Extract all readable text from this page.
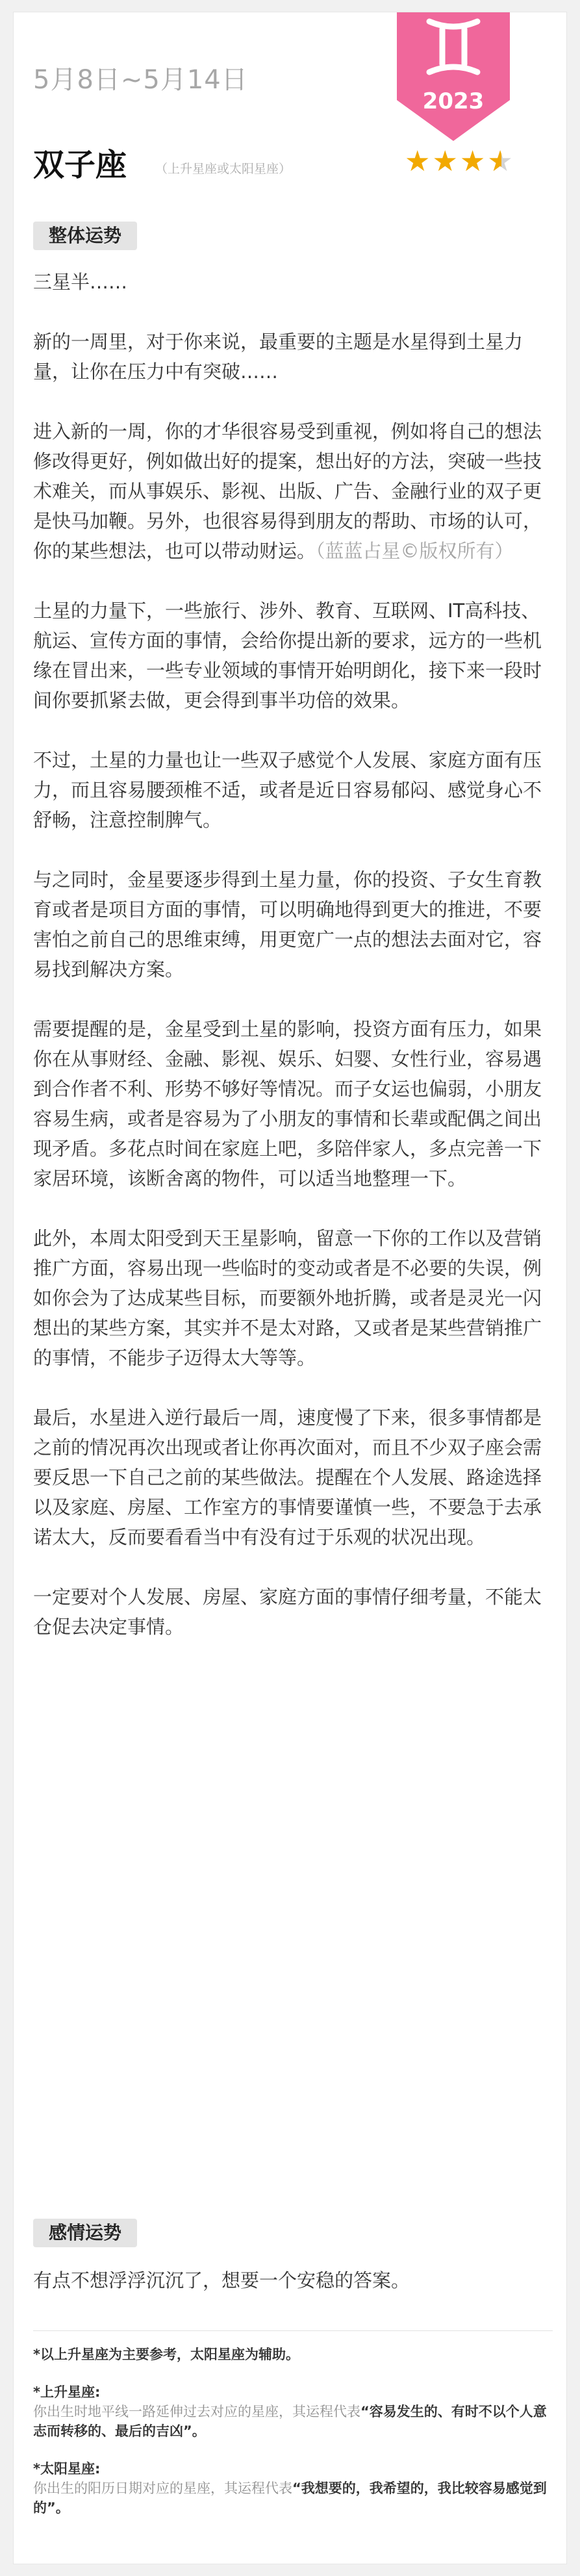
5月8日~5月14日
2023
双子座 （上升星座或太阳星座）	★★★★ ★
整体运势

三星半……

新的一周里，对于你来说，最重要的主题是水星得到土星力量，让你在压力中有突破……

进入新的一周，你的才华很容易受到重视，例如将自己的想法修改得更好，例如做出好的提案，想出好的方法，突破一些技术难关，而从事娱乐、影视、出版、广告、金融行业的双子更是快马加鞭。另外，也很容易得到朋友的帮助、市场的认可，你的某些想法，也可以带动财运。（蓝蓝占星©版权所有）

土星的力量下，一些旅行、涉外、教育、互联网、IT高科技、航运、宣传方面的事情，会给你提出新的要求，远方的一些机缘在冒出来，一些专业领域的事情开始明朗化，接下来一段时间你要抓紧去做，更会得到事半功倍的效果。

不过，土星的力量也让一些双子感觉个人发展、家庭方面有压力，而且容易腰颈椎不适，或者是近日容易郁闷、感觉身心不舒畅，注意控制脾气。

与之同时，金星要逐步得到土星力量，你的投资、子女生育教育或者是项目方面的事情，可以明确地得到更大的推进，不要害怕之前自己的思维束缚，用更宽广一点的想法去面对它，容易找到解决方案。

需要提醒的是，金星受到土星的影响，投资方面有压力，如果你在从事财经、金融、影视、娱乐、妇婴、女性行业，容易遇到合作者不利、形势不够好等情况。而子女运也偏弱，小朋友容易生病，或者是容易为了小朋友的事情和长辈或配偶之间出现矛盾。多花点时间在家庭上吧，多陪伴家人，多点完善一下家居环境，该断舍离的物件，可以适当地整理一下。

此外，本周太阳受到天王星影响，留意一下你的工作以及营销推广方面，容易出现一些临时的变动或者是不必要的失误，例如你会为了达成某些目标，而要额外地折腾，或者是灵光一闪想出的某些方案，其实并不是太对路，又或者是某些营销推广的事情，不能步子迈得太大等等。

最后，水星进入逆行最后一周，速度慢了下来，很多事情都是之前的情况再次出现或者让你再次面对，而且不少双子座会需要反思一下自己之前的某些做法。提醒在个人发展、路途选择以及家庭、房屋、工作室方的事情要谨慎一些，不要急于去承诺太大，反而要看看当中有没有过于乐观的状况出现。

一定要对个人发展、房屋、家庭方面的事情仔细考量，不能太仓促去决定事情。

感情运势

有点不想浮浮沉沉了，想要一个安稳的答案。

*以上升星座为主要参考，太阳星座为辅助。
*上升星座:
你出生时地平线一路延伸过去对应的星座，其运程代表“容易发生的、有时不以个人意志而转移的、最后的吉凶”。
*太阳星座:
你出生的阳历日期对应的星座，其运程代表“我想要的，我希望的，我比较容易感觉到的”。
